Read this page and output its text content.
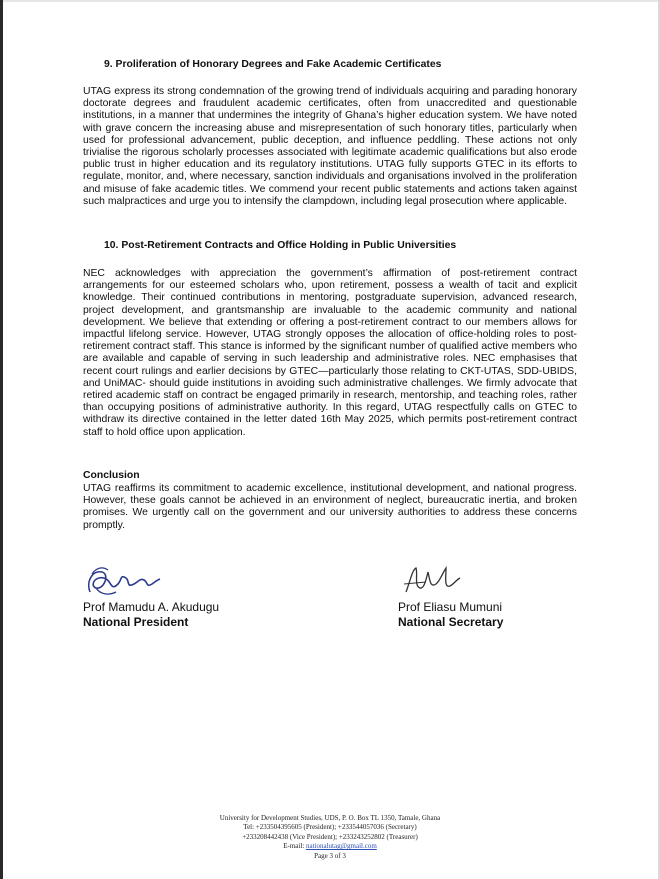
9. Proliferation of Honorary Degrees and Fake Academic Certificates

UTAG express its strong condemnation of the growing trend of individuals acquiring and parading honorary doctorate degrees and fraudulent academic certificates, often from unaccredited and questionable institutions, in a manner that undermines the integrity of Ghana’s higher education system. We have noted with grave concern the increasing abuse and misrepresentation of such honorary titles, particularly when used for professional advancement, public deception, and influence peddling. These actions not only trivialise the rigorous scholarly processes associated with legitimate academic qualifications but also erode public trust in higher education and its regulatory institutions. UTAG fully supports GTEC in its efforts to regulate, monitor, and, where necessary, sanction individuals and organisations involved in the proliferation and misuse of fake academic titles. We commend your recent public statements and actions taken against such malpractices and urge you to intensify the clampdown, including legal prosecution where applicable.

10. Post-Retirement Contracts and Office Holding in Public Universities

NEC acknowledges with appreciation the government’s affirmation of post-retirement contract arrangements for our esteemed scholars who, upon retirement, possess a wealth of tacit and explicit knowledge. Their continued contributions in mentoring, postgraduate supervision, advanced research, project development, and grantsmanship are invaluable to the academic community and national development. We believe that extending or offering a post-retirement contract to our members allows for impactful lifelong service. However, UTAG strongly opposes the allocation of office-holding roles to post-retirement contract staff. This stance is informed by the significant number of qualified active members who are available and capable of serving in such leadership and administrative roles. NEC emphasises that recent court rulings and earlier decisions by GTEC—particularly those relating to CKT-UTAS, SDD-UBIDS, and UniMAC- should guide institutions in avoiding such administrative challenges. We firmly advocate that retired academic staff on contract be engaged primarily in research, mentorship, and teaching roles, rather than occupying positions of administrative authority. In this regard, UTAG respectfully calls on GTEC to withdraw its directive contained in the letter dated 16th May 2025, which permits post-retirement contract staff to hold office upon application.

Conclusion

UTAG reaffirms its commitment to academic excellence, institutional development, and national progress. However, these goals cannot be achieved in an environment of neglect, bureaucratic inertia, and broken promises. We urgently call on the government and our university authorities to address these concerns promptly.

Prof Mamudu A. Akudugu
National President
Prof Eliasu Mumuni
National Secretary
University for Development Studies, UDS, P. O. Box TL 1350, Tamale, Ghana
Tel: +233504395605 (President); +233544057036 (Secretary)
+233208442438 (Vice President); +233243252802 (Treasurer)
E-mail: nationalutag@gmail.com
Page 3 of 3
